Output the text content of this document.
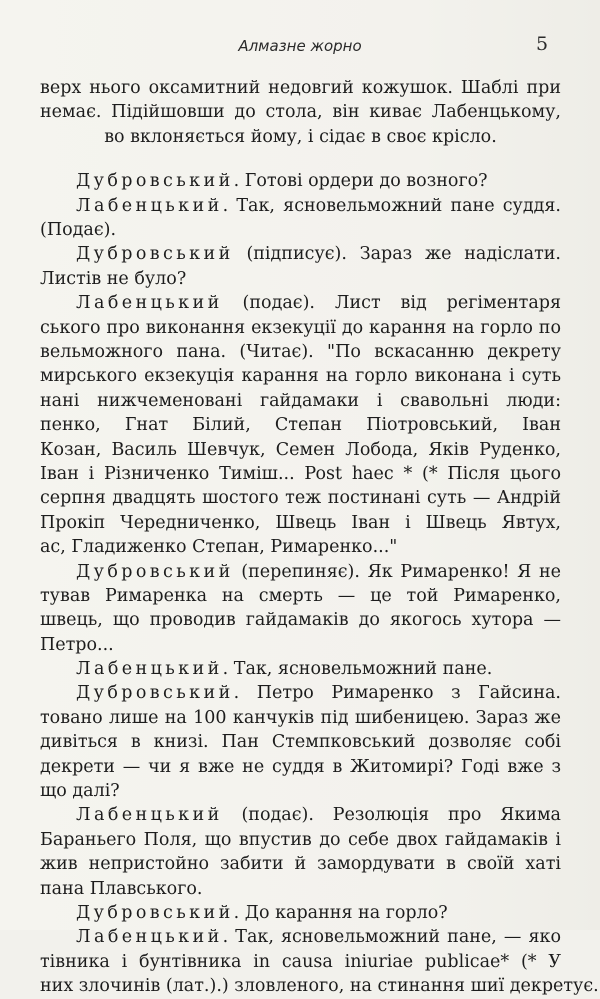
Алмазне жорно	5
верх нього оксамитний недовгий кожушок. Шаблі при
немає. Підійшовши до стола, він киває Лабенцькому,
во вклоняється йому, і сідає в своє крісло.
Дубровський. Готові ордери до возного?
Лабенцький. Так, ясновельможний пане суддя.
(Подає).
Дубровський (підписує). Зараз же надіслати.
Листів не було?
Лабенцький (подає). Лист від регіментаря
ського про виконання екзекуції до карання на горло по
вельможного пана. (Читає). "По вскасанню декрету
мирського екзекуція карання на горло виконана і суть
нані нижчеменовані гайдамаки і свавольні люди:
пенко, Гнат Білий, Степан Піотровський, Іван
Козан, Василь Шевчук, Семен Лобода, Яків Руденко,
Іван і Різниченко Тиміш... Post haec * (* Після цього
серпня двадцять шостого теж постинані суть — Андрій
Прокіп Чередниченко, Швець Іван і Швець Явтух,
ас, Гладиженко Степан, Римаренко..."
Дубровський (перепиняє). Як Римаренко! Я не
тував Римаренка на смерть — це той Римаренко,
швець, що проводив гайдамаків до якогось хутора —
Петро...
Лабенцький. Так, ясновельможний пане.
Дубровський. Петро Римаренко з Гайсина.
товано лише на 100 канчуків під шибеницею. Зараз же
дивіться в книзі. Пан Стемпковський дозволяє собі
декрети — чи я вже не суддя в Житомирі? Годі вже з
що далі?
Лабенцький (подає). Резолюція про Якима
Бараньего Поля, що впустив до себе двох гайдамаків і
жив непристойно забити й замордувати в своїй хаті
пана Плавського.
Дубровський. До карання на горло?
Лабенцький. Так, ясновельможний пане, — яко
тівника і бунтівника in causa iniuriae publicae* (* У
них злочинів (лат.).) зловленого, на стинання шиї декретує.
